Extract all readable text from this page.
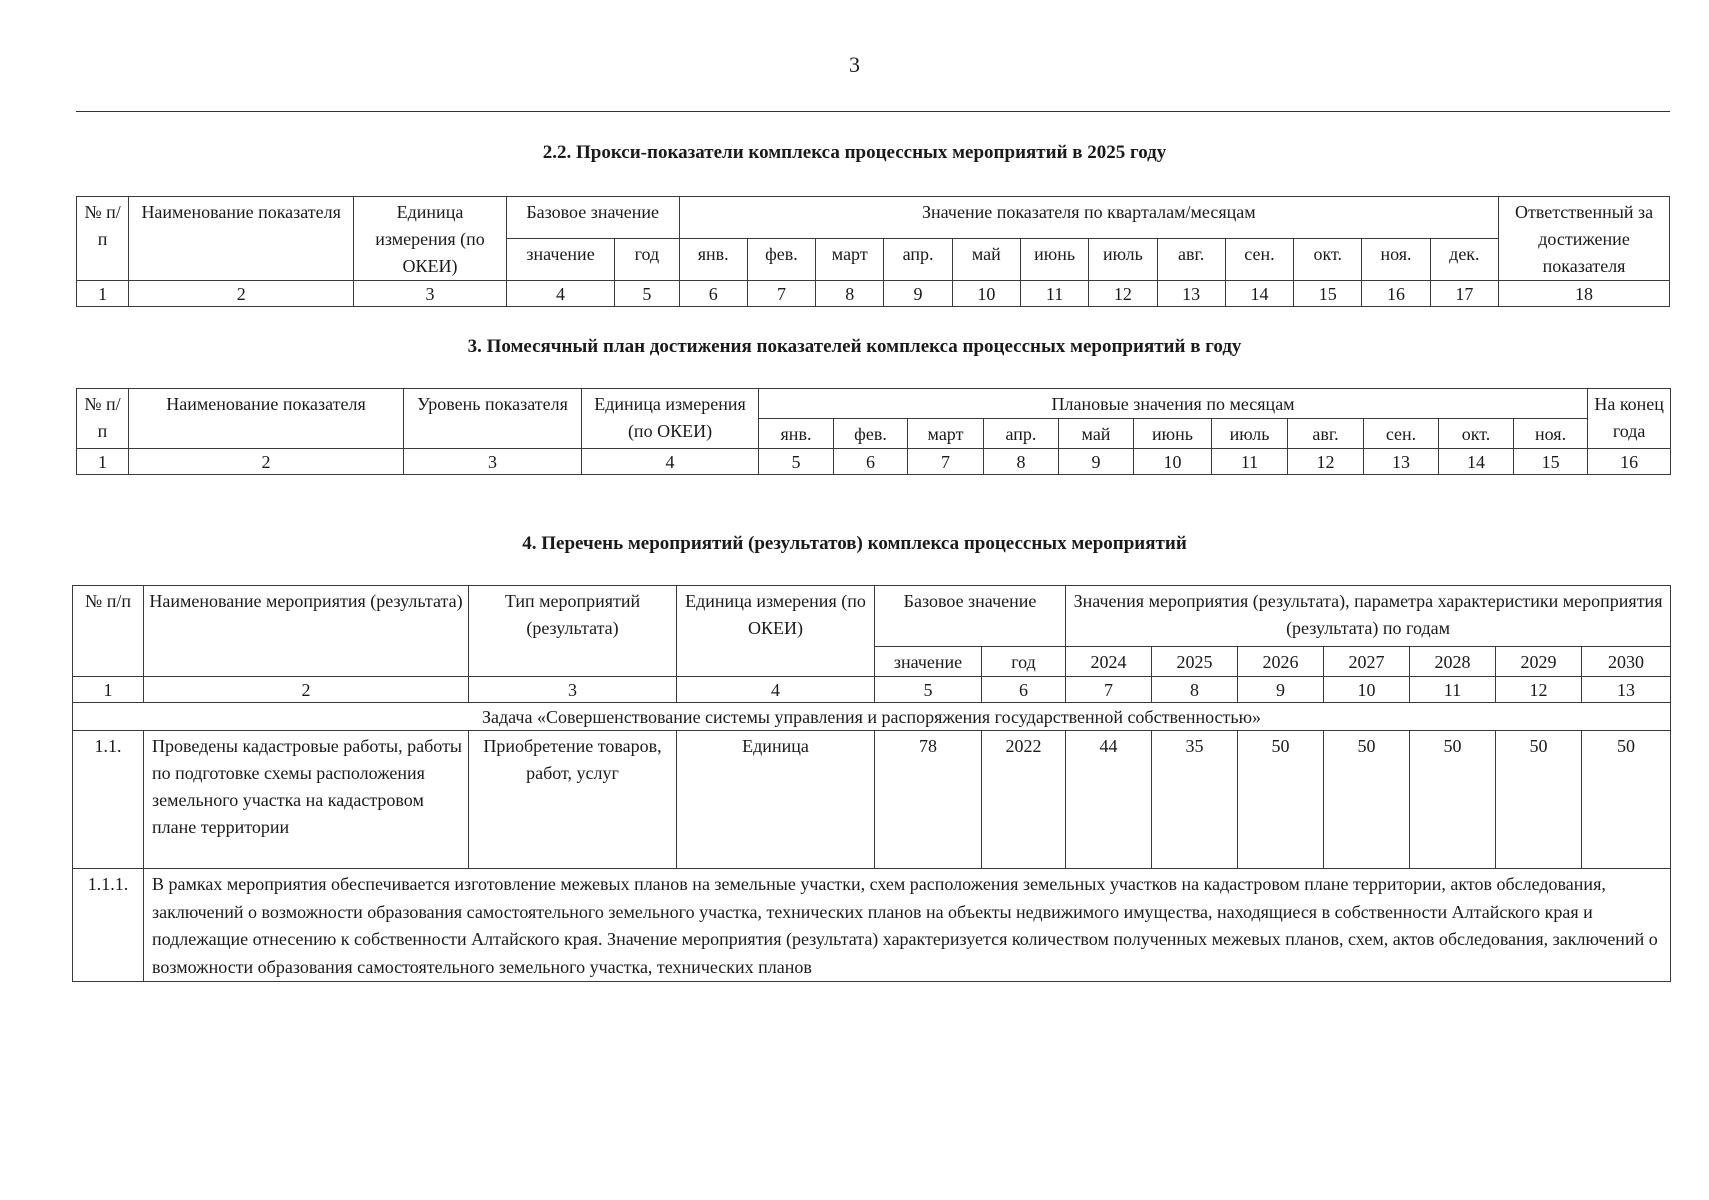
3
2.2. Прокси-показатели комплекса процессных мероприятий в 2025 году
№ п/п	Наименование показателя	Единица измерения (по ОКЕИ)	Базовое значение		Значение показателя по кварталам/месяцам												Ответственный за достижение показателя
			значение	год	янв.	фев.	март	апр.	май	июнь	июль	авг.	сен.	окт.	ноя.	дек.	
1	2	3	4	5	6	7	8	9	10	11	12	13	14	15	16	17	18
3. Помесячный план достижения показателей комплекса процессных мероприятий в году
№ п/п	Наименование показателя	Уровень показателя	Единица измерения (по ОКЕИ)	Плановые значения по месяцам											На конец года
				янв.	фев.	март	апр.	май	июнь	июль	авг.	сен.	окт.	ноя.	
1	2	3	4	5	6	7	8	9	10	11	12	13	14	15	16
4. Перечень мероприятий (результатов) комплекса процессных мероприятий
№ п/п	Наименование мероприятия (результата)	Тип мероприятий (результата)	Единица измерения (по ОКЕИ)	Базовое значение		Значения мероприятия (результата), параметра характеристики мероприятия (результата) по годам						
				значение	год	2024	2025	2026	2027	2028	2029	2030
1	2	3	4	5	6	7	8	9	10	11	12	13
Задача «Совершенствование системы управления и распоряжения государственной собственностью»												
1.1.	Проведены кадастровые работы, работы по подготовке схемы расположения земельного участка на кадастровом плане территории	Приобретение товаров, работ, услуг	Единица	78	2022	44	35	50	50	50	50	50
1.1.1.	В рамках мероприятия обеспечивается изготовление межевых планов на земельные участки, схем расположения земельных участков на кадастровом плане территории, актов обследования, заключений о возможности образования самостоятельного земельного участка, технических планов на объекты недвижимого имущества, находящиеся в собственности Алтайского края и подлежащие отнесению к собственности Алтайского края. Значение мероприятия (результата) характеризуется количеством полученных межевых планов, схем, актов обследования, заключений о возможности образования самостоятельного земельного участка, технических планов											
